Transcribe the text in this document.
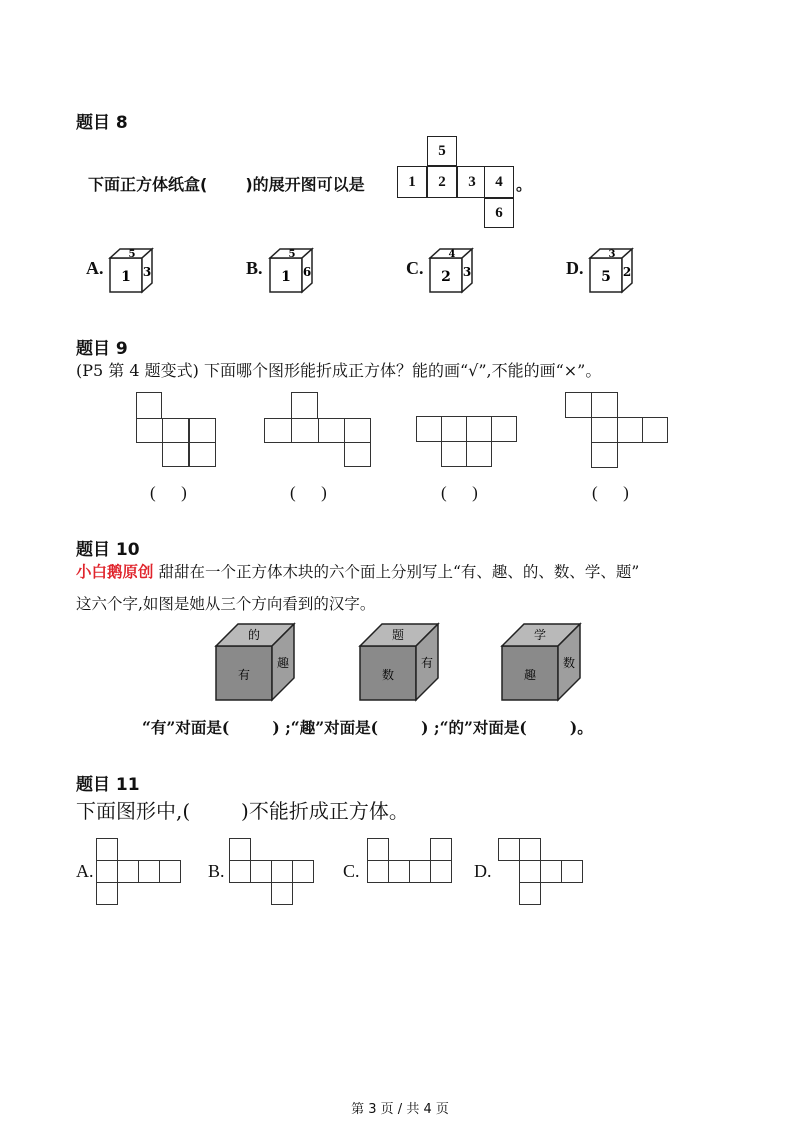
题目 8
下面正方体纸盒( )的展开图可以是
5
1	2	3	4
6
。
A. 1
5
3	B. 1
5
6	C. 2
4
3	D. 5
3
2
题目 9
(P5 第 4 题变式) 下面哪个图形能折成正方体？能的画“√”,不能的画“×”。
(      )	(      )	(      )	(      )
题目 10
小白鹅原创 甜甜在一个正方体木块的六个面上分别写上“有、趣、的、数、学、题”
这六个字,如图是她从三个方向看到的汉字。
的
有
趣
题
数
有
学
趣
数
“有”对面是(        ) ;“趣”对面是(        ) ;“的”对面是(        )。
题目 11
下面图形中,(        )不能折成正方体。
A.	B.	C.	D.
第 3 页 / 共 4 页
